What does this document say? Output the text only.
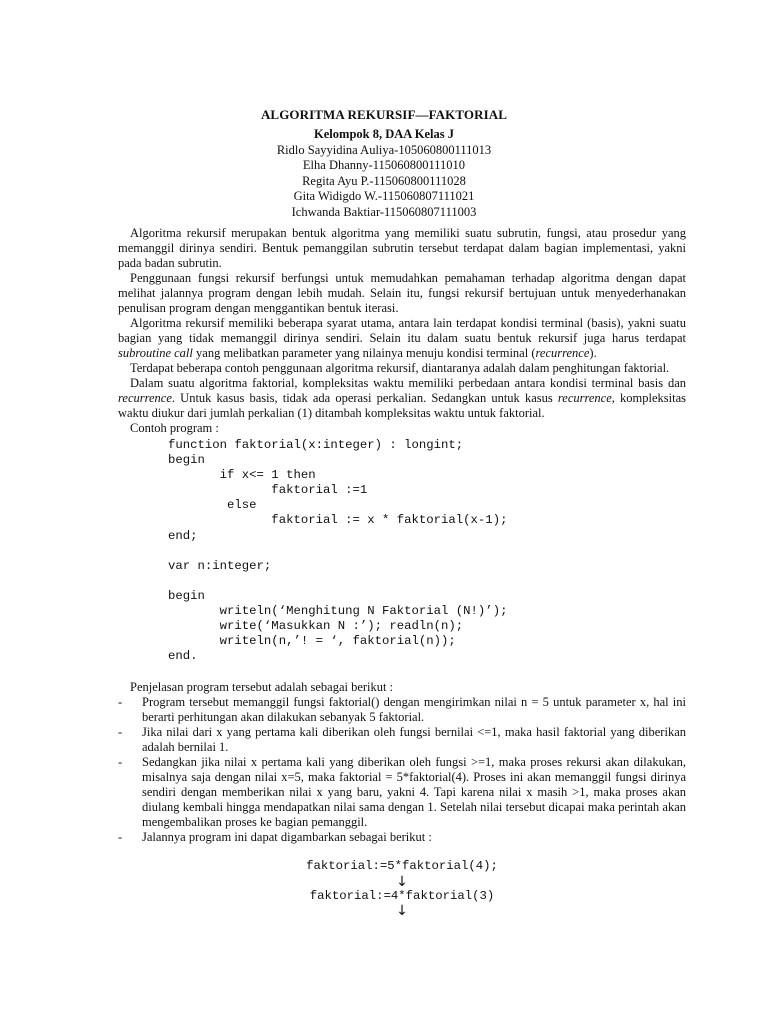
ALGORITMA REKURSIF—FAKTORIAL
Kelompok 8, DAA Kelas J
Ridlo Sayyidina Auliya-105060800111013
Elha Dhanny-115060800111010
Regita Ayu P.-115060800111028
Gita Widigdo W.-115060807111021
Ichwanda Baktiar-115060807111003

Algoritma rekursif merupakan bentuk algoritma yang memiliki suatu subrutin, fungsi, atau prosedur yang memanggil dirinya sendiri. Bentuk pemanggilan subrutin tersebut terdapat dalam bagian implementasi, yakni pada badan subrutin.

Penggunaan fungsi rekursif berfungsi untuk memudahkan pemahaman terhadap algoritma dengan dapat melihat jalannya program dengan lebih mudah. Selain itu, fungsi rekursif bertujuan untuk menyederhanakan penulisan program dengan menggantikan bentuk iterasi.

Algoritma rekursif memiliki beberapa syarat utama, antara lain terdapat kondisi terminal (basis), yakni suatu bagian yang tidak memanggil dirinya sendiri. Selain itu dalam suatu bentuk rekursif juga harus terdapat subroutine call yang melibatkan parameter yang nilainya menuju kondisi terminal (recurrence).

Terdapat beberapa contoh penggunaan algoritma rekursif, diantaranya adalah dalam penghitungan faktorial.

Dalam suatu algoritma faktorial, kompleksitas waktu memiliki perbedaan antara kondisi terminal basis dan recurrence. Untuk kasus basis, tidak ada operasi perkalian. Sedangkan untuk kasus recurrence, kompleksitas waktu diukur dari jumlah perkalian (1) ditambah kompleksitas waktu untuk faktorial.

Contoh program :
function faktorial(x:integer) : longint;
begin
if x<= 1 then
faktorial :=1
else
faktorial := x * faktorial(x-1);
end;

var n:integer;

begin
writeln(‘Menghitung N Faktorial (N!)’);
write(‘Masukkan N :’); readln(n);
writeln(n,’! = ‘, faktorial(n));
end.
Penjelasan program tersebut adalah sebagai berikut :
- Program tersebut memanggil fungsi faktorial() dengan mengirimkan nilai n = 5 untuk parameter x, hal ini berarti perhitungan akan dilakukan sebanyak 5 faktorial.
- Jika nilai dari x yang pertama kali diberikan oleh fungsi bernilai <=1, maka hasil faktorial yang diberikan adalah bernilai 1.
- Sedangkan jika nilai x pertama kali yang diberikan oleh fungsi >=1, maka proses rekursi akan dilakukan, misalnya saja dengan nilai x=5, maka faktorial = 5*faktorial(4). Proses ini akan memanggil fungsi dirinya sendiri dengan memberikan nilai x yang baru, yakni 4. Tapi karena nilai x masih >1, maka proses akan diulang kembali hingga mendapatkan nilai sama dengan 1. Setelah nilai tersebut dicapai maka perintah akan mengembalikan proses ke bagian pemanggil.
- Jalannya program ini dapat digambarkan sebagai berikut :
faktorial:=5*faktorial(4);
↓
faktorial:=4*faktorial(3)
↓
